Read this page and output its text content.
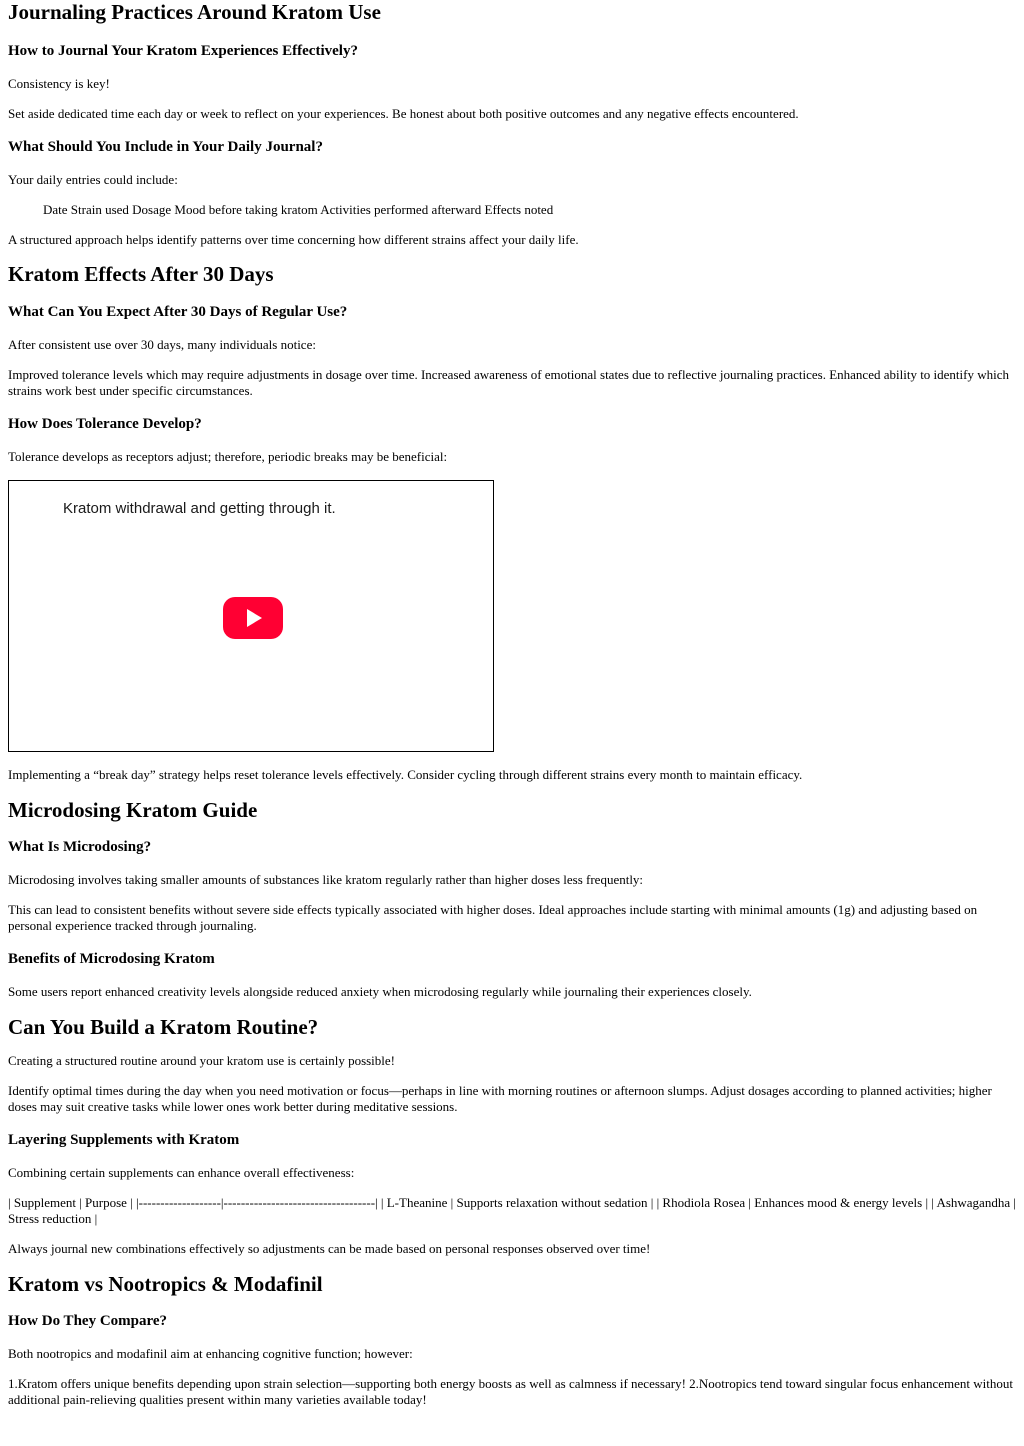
Journaling Practices Around Kratom Use
How to Journal Your Kratom Experiences Effectively?

Consistency is key!

Set aside dedicated time each day or week to reflect on your experiences. Be honest about both positive outcomes and any negative effects encountered.

What Should You Include in Your Daily Journal?

Your daily entries could include:

Date Strain used Dosage Mood before taking kratom Activities performed afterward Effects noted

A structured approach helps identify patterns over time concerning how different strains affect your daily life.

Kratom Effects After 30 Days
What Can You Expect After 30 Days of Regular Use?

After consistent use over 30 days, many individuals notice:

Improved tolerance levels which may require adjustments in dosage over time. Increased awareness of emotional states due to reflective journaling practices. Enhanced ability to identify which strains work best under specific circumstances.

How Does Tolerance Develop?

Tolerance develops as receptors adjust; therefore, periodic breaks may be beneficial:

Kratom withdrawal and getting through it.

Implementing a “break day” strategy helps reset tolerance levels effectively. Consider cycling through different strains every month to maintain efficacy.

Microdosing Kratom Guide
What Is Microdosing?

Microdosing involves taking smaller amounts of substances like kratom regularly rather than higher doses less frequently:

This can lead to consistent benefits without severe side effects typically associated with higher doses. Ideal approaches include starting with minimal amounts (1g) and adjusting based on personal experience tracked through journaling.

Benefits of Microdosing Kratom

Some users report enhanced creativity levels alongside reduced anxiety when microdosing regularly while journaling their experiences closely.

Can You Build a Kratom Routine?

Creating a structured routine around your kratom use is certainly possible!

Identify optimal times during the day when you need motivation or focus—perhaps in line with morning routines or afternoon slumps. Adjust dosages according to planned activities; higher doses may suit creative tasks while lower ones work better during meditative sessions.

Layering Supplements with Kratom

Combining certain supplements can enhance overall effectiveness:

| Supplement | Purpose | |-------------------|-----------------------------------| | L-Theanine | Supports relaxation without sedation | | Rhodiola Rosea | Enhances mood & energy levels | | Ashwagandha | Stress reduction |

Always journal new combinations effectively so adjustments can be made based on personal responses observed over time!

Kratom vs Nootropics & Modafinil
How Do They Compare?

Both nootropics and modafinil aim at enhancing cognitive function; however:

1.Kratom offers unique benefits depending upon strain selection—supporting both energy boosts as well as calmness if necessary! 2.Nootropics tend toward singular focus enhancement without additional pain-relieving qualities present within many varieties available today!
